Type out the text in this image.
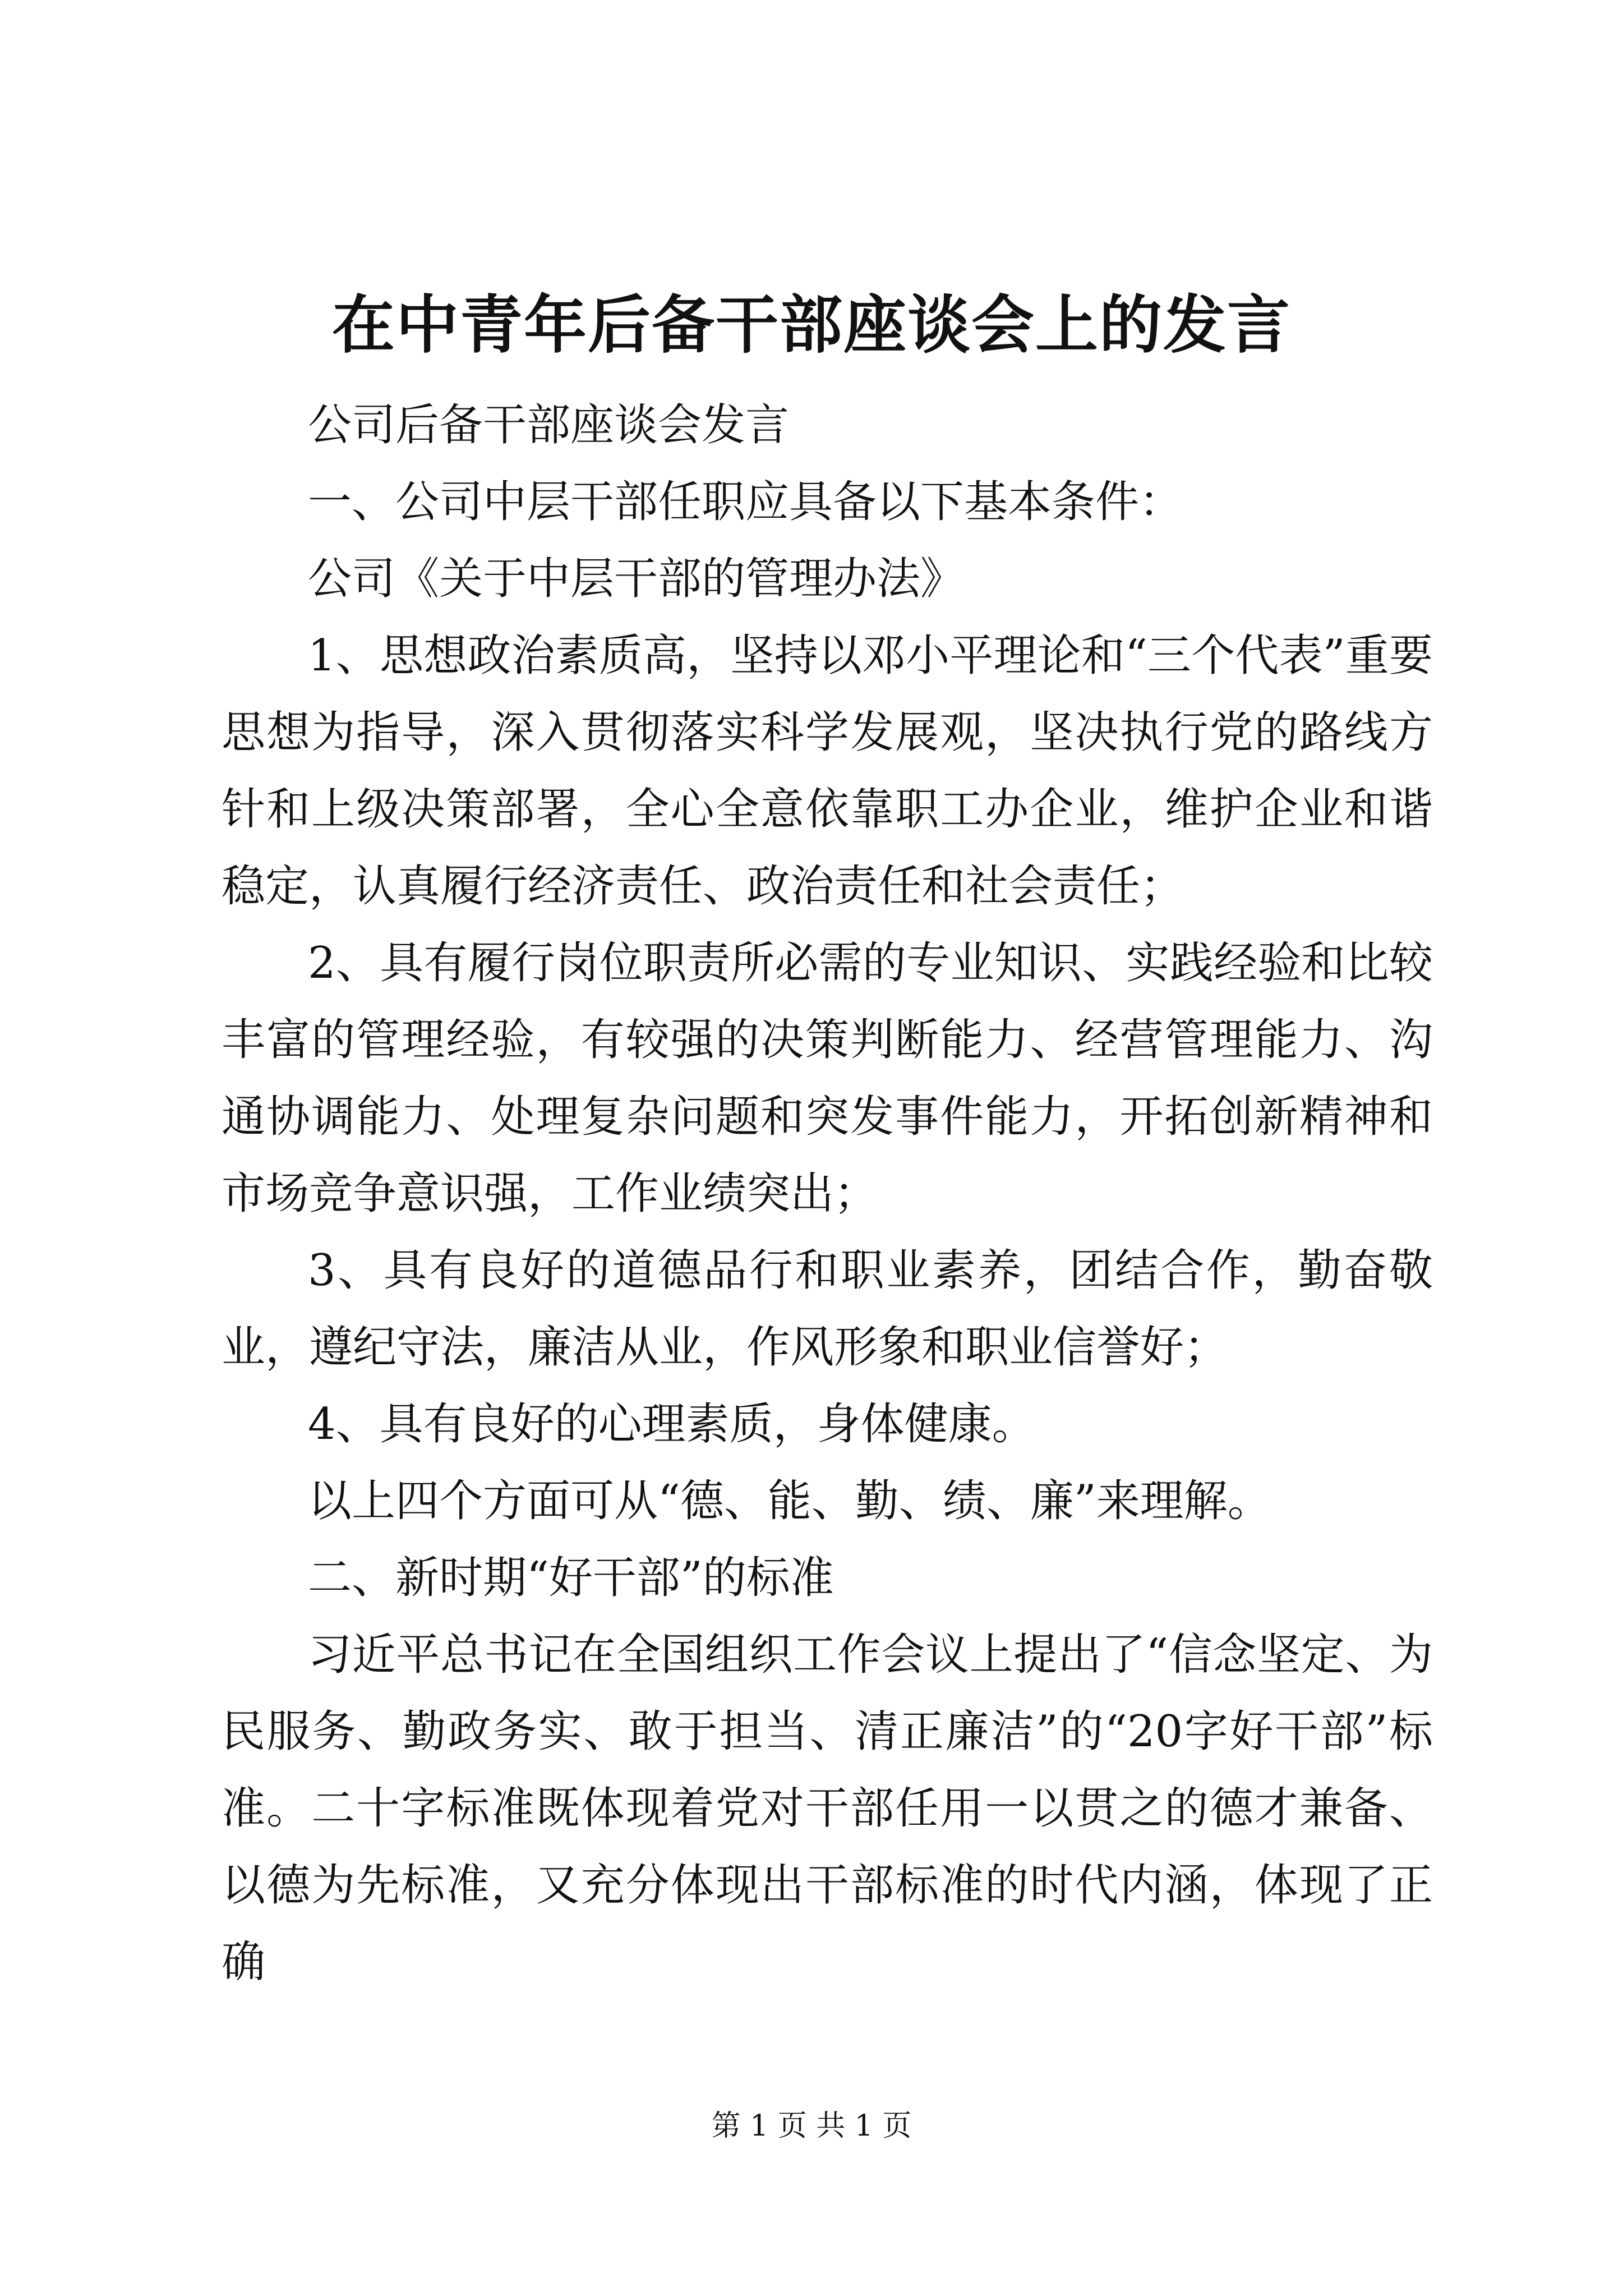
在中青年后备干部座谈会上的发言

公司后备干部座谈会发言

一、公司中层干部任职应具备以下基本条件：

公司《关于中层干部的管理办法》

1、思想政治素质高，坚持以邓小平理论和“三个代表”重要思想为指导，深入贯彻落实科学发展观，坚决执行党的路线方针和上级决策部署，全心全意依靠职工办企业，维护企业和谐稳定，认真履行经济责任、政治责任和社会责任；

2、具有履行岗位职责所必需的专业知识、实践经验和比较丰富的管理经验，有较强的决策判断能力、经营管理能力、沟通协调能力、处理复杂问题和突发事件能力，开拓创新精神和市场竞争意识强，工作业绩突出；

3、具有良好的道德品行和职业素养，团结合作，勤奋敬业，遵纪守法，廉洁从业，作风形象和职业信誉好；

4、具有良好的心理素质，身体健康。

以上四个方面可从“德、能、勤、绩、廉”来理解。

二、新时期“好干部”的标准

习近平总书记在全国组织工作会议上提出了“信念坚定、为民服务、勤政务实、敢于担当、清正廉洁”的“20字好干部”标准。二十字标准既体现着党对干部任用一以贯之的德才兼备、以德为先标准，又充分体现出干部标准的时代内涵，体现了正确

第 1 页 共 1 页
